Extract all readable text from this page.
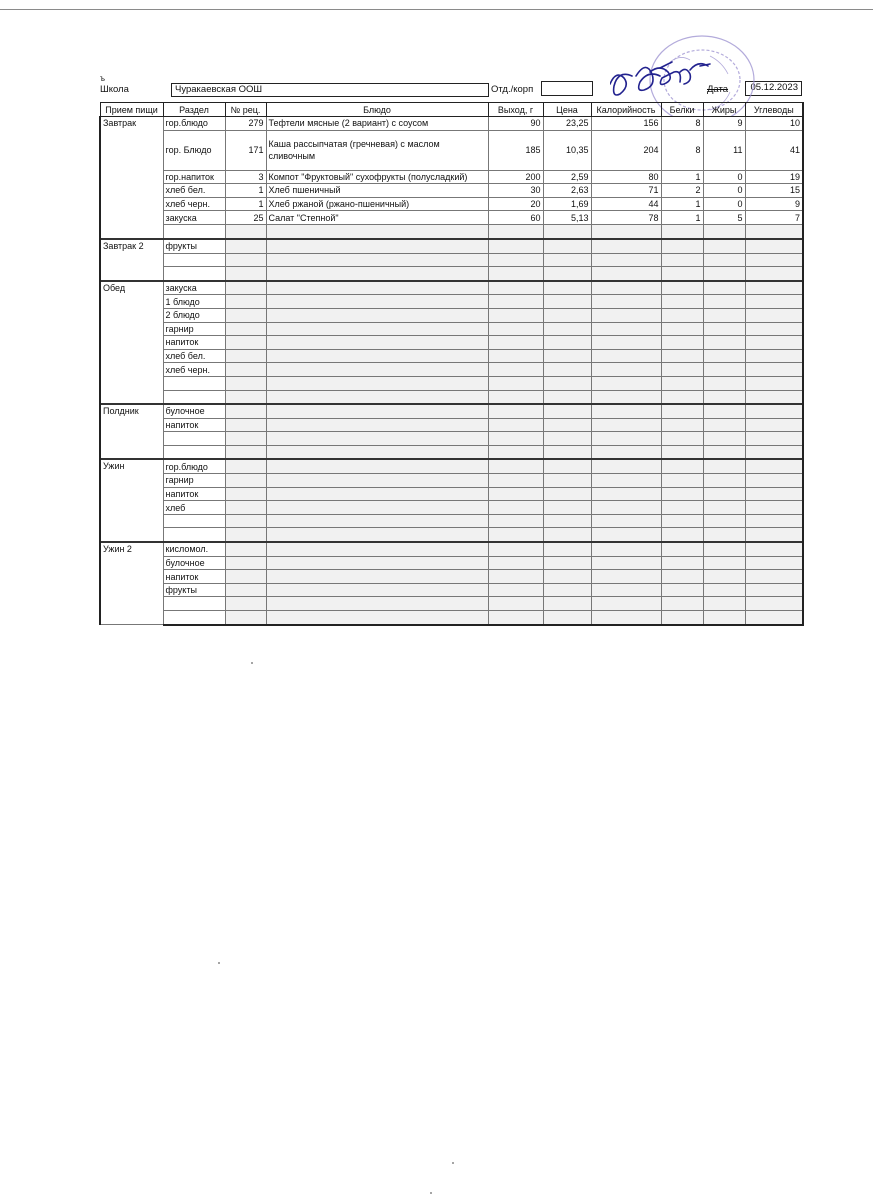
ъ
Школа	Чуракаевская ООШ	Отд./корп	Дата	05.12.2023
Прием пищи	Раздел	№ рец.	Блюдо	Выход, г	Цена	Калорийность	Белки	Жиры	Углеводы
Завтрак	гор.блюдо	279	Тефтели мясные (2 вариант) с соусом	90	23,25	156	8	9	10
	гор. Блюдо	171	Каша рассыпчатая (гречневая) с маслом сливочным	185	10,35	204	8	11	41
	гор.напиток	3	Компот "Фруктовый" сухофрукты (полусладкий)	200	2,59	80	1	0	19
	хлеб бел.	1	Хлеб пшеничный	30	2,63	71	2	0	15
	хлеб черн.	1	Хлеб ржаной (ржано-пшеничный)	20	1,69	44	1	0	9
	закуска	25	Салат "Степной"	60	5,13	78	1	5	7

Завтрак 2	фрукты								

Обед	закуска								
	1 блюдо								
	2 блюдо								
	гарнир								
	напиток								
	хлеб бел.								
	хлеб черн.								

Полдник	булочное								
	напиток								

Ужин	гор.блюдо								
	гарнир								
	напиток								
	хлеб								

Ужин 2	кисломол.								
	булочное								
	напиток								
	фрукты								
